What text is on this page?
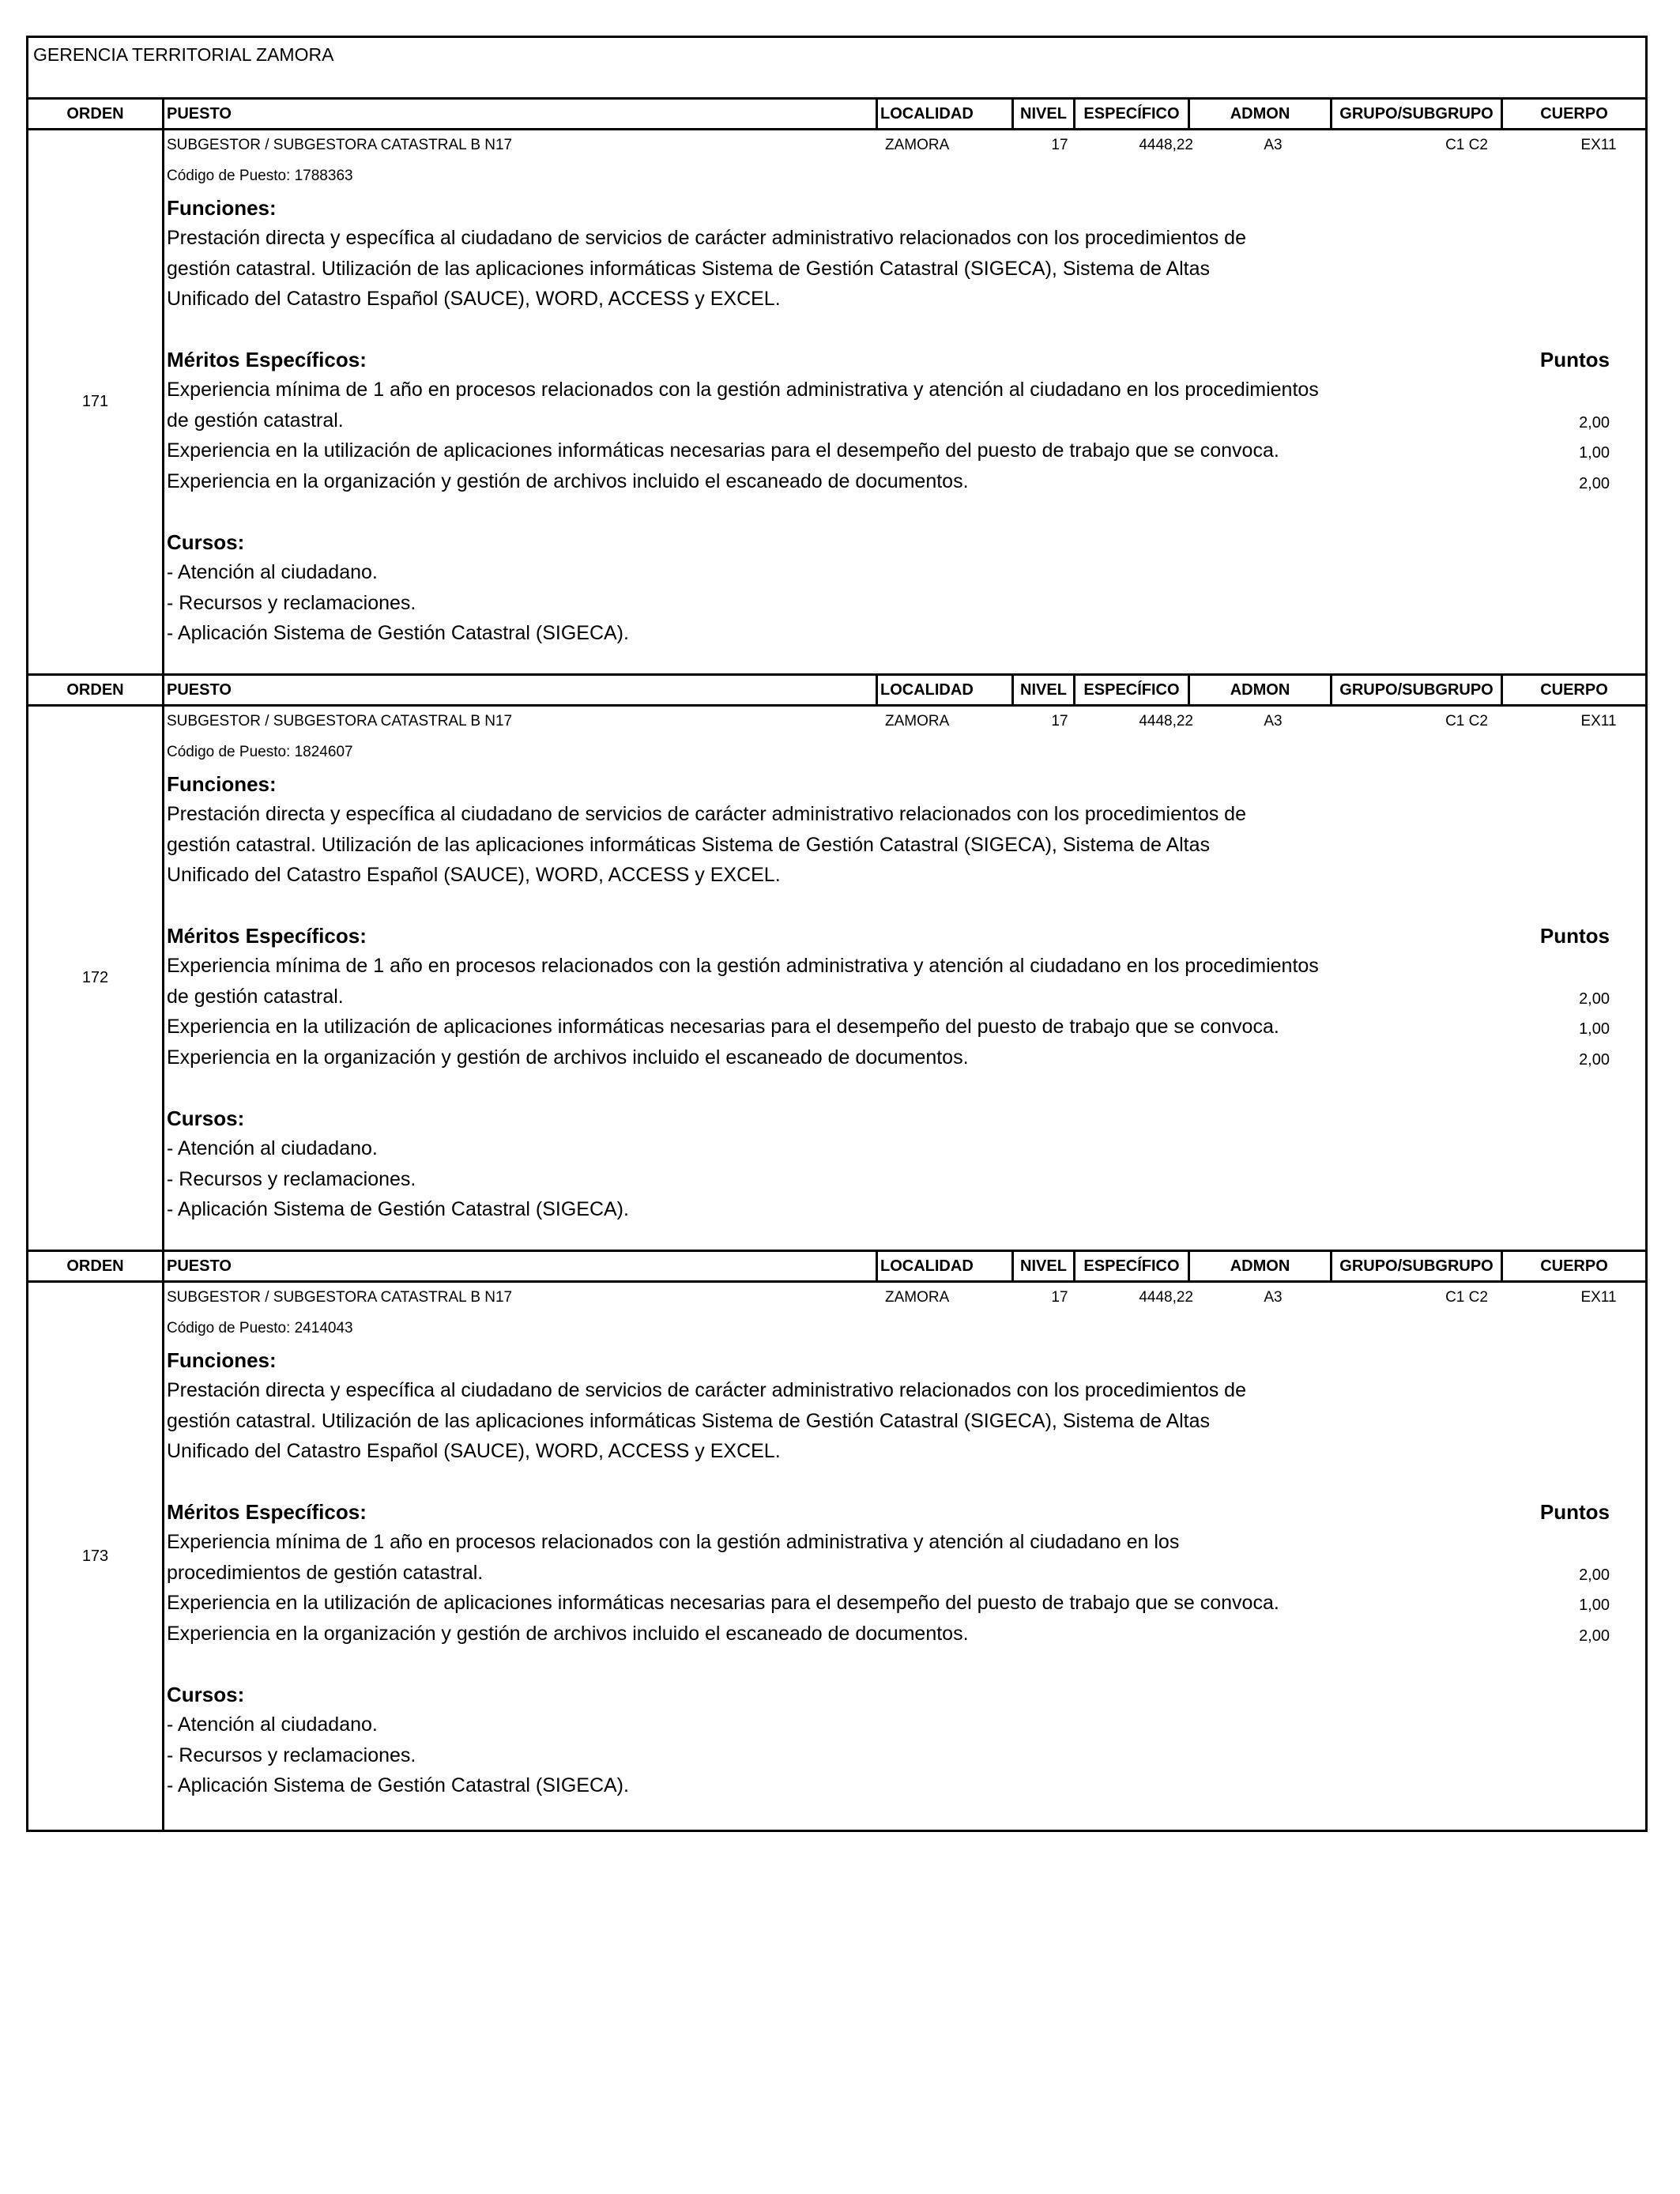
GERENCIA TERRITORIAL ZAMORA
ORDEN	PUESTO	LOCALIDAD	NIVEL	ESPECÍFICO	ADMON	GRUPO/SUBGRUPO	CUERPO
171
SUBGESTOR / SUBGESTORA CATASTRAL B N17	ZAMORA	17	4448,22	A3	C1 C2	EX11
Código de Puesto: 1788363
Funciones:
Prestación directa y específica al ciudadano de servicios de carácter administrativo relacionados con los procedimientos de
gestión catastral. Utilización de las aplicaciones informáticas Sistema de Gestión Catastral (SIGECA), Sistema de Altas
Unificado del Catastro Español (SAUCE), WORD, ACCESS y EXCEL.
Méritos Específicos:	Puntos
Experiencia mínima de 1 año en procesos relacionados con la gestión administrativa y atención al ciudadano en los procedimientos
de gestión catastral.	2,00
Experiencia en la utilización de aplicaciones informáticas necesarias para el desempeño del puesto de trabajo que se convoca.	1,00
Experiencia en la organización y gestión de archivos incluido el escaneado de documentos.	2,00
Cursos:
- Atención al ciudadano.
- Recursos y reclamaciones.
- Aplicación Sistema de Gestión Catastral (SIGECA).
ORDEN	PUESTO	LOCALIDAD	NIVEL	ESPECÍFICO	ADMON	GRUPO/SUBGRUPO	CUERPO
172
SUBGESTOR / SUBGESTORA CATASTRAL B N17	ZAMORA	17	4448,22	A3	C1 C2	EX11
Código de Puesto: 1824607
Funciones:
Prestación directa y específica al ciudadano de servicios de carácter administrativo relacionados con los procedimientos de
gestión catastral. Utilización de las aplicaciones informáticas Sistema de Gestión Catastral (SIGECA), Sistema de Altas
Unificado del Catastro Español (SAUCE), WORD, ACCESS y EXCEL.
Méritos Específicos:	Puntos
Experiencia mínima de 1 año en procesos relacionados con la gestión administrativa y atención al ciudadano en los procedimientos
de gestión catastral.	2,00
Experiencia en la utilización de aplicaciones informáticas necesarias para el desempeño del puesto de trabajo que se convoca.	1,00
Experiencia en la organización y gestión de archivos incluido el escaneado de documentos.	2,00
Cursos:
- Atención al ciudadano.
- Recursos y reclamaciones.
- Aplicación Sistema de Gestión Catastral (SIGECA).
ORDEN	PUESTO	LOCALIDAD	NIVEL	ESPECÍFICO	ADMON	GRUPO/SUBGRUPO	CUERPO
173
SUBGESTOR / SUBGESTORA CATASTRAL B N17	ZAMORA	17	4448,22	A3	C1 C2	EX11
Código de Puesto: 2414043
Funciones:
Prestación directa y específica al ciudadano de servicios de carácter administrativo relacionados con los procedimientos de
gestión catastral. Utilización de las aplicaciones informáticas Sistema de Gestión Catastral (SIGECA), Sistema de Altas
Unificado del Catastro Español (SAUCE), WORD, ACCESS y EXCEL.
Méritos Específicos:	Puntos
Experiencia mínima de 1 año en procesos relacionados con la gestión administrativa y atención al ciudadano en los
procedimientos de gestión catastral.	2,00
Experiencia en la utilización de aplicaciones informáticas necesarias para el desempeño del puesto de trabajo que se convoca.	1,00
Experiencia en la organización y gestión de archivos incluido el escaneado de documentos.	2,00
Cursos:
- Atención al ciudadano.
- Recursos y reclamaciones.
- Aplicación Sistema de Gestión Catastral (SIGECA).
